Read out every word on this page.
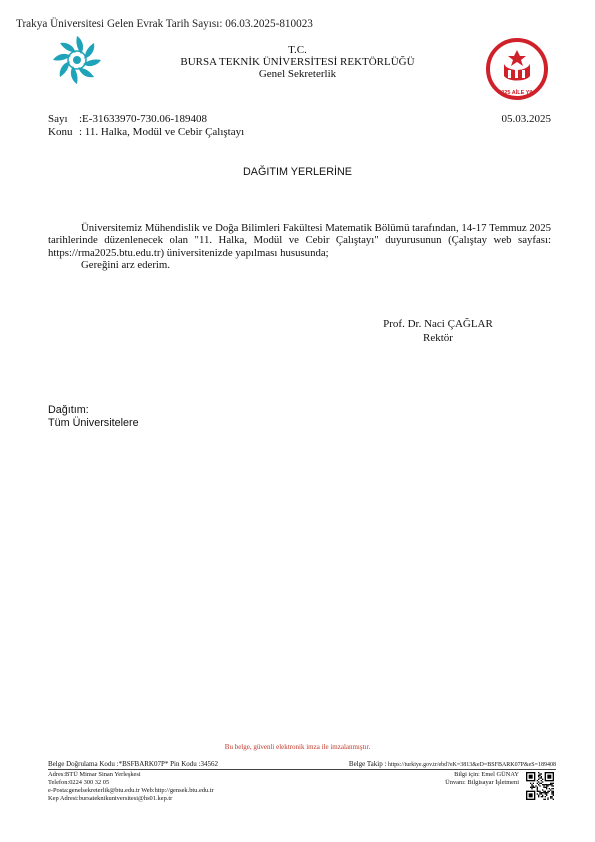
Trakya Üniversitesi Gelen Evrak Tarih Sayısı: 06.03.2025-810023
T.C.
BURSA TEKNİK ÜNİVERSİTESİ REKTÖRLÜĞÜ
Genel Sekreterlik
2025 AİLE YILI
Sayı :E-31633970-730.06-189408
Konu : 11. Halka, Modül ve Cebir Çalıştayı
05.03.2025
DAĞITIM YERLERİNE

Üniversitemiz Mühendislik ve Doğa Bilimleri Fakültesi Matematik Bölümü tarafından, 14-17 Temmuz 2025 tarihlerinde düzenlenecek olan "11. Halka, Modül ve Cebir Çalıştayı" duyurusunun (Çalıştay web sayfası: https://rma2025.btu.edu.tr) üniversitenizde yapılması hususunda;

Gereğini arz ederim.

Prof. Dr. Naci ÇAĞLAR
Rektör
Dağıtım:
Tüm Üniversitelere
Bu belge, güvenli elektronik imza ile imzalanmıştır.
Belge Doğrulama Kodu :*BSFBARK07P* Pin Kodu :34562	Belge Takip : https://turkiye.gov.tr/ebd?eK=3813&eD=BSFBARK07P&eS=189408
Adres:BTÜ Mimar Sinan Yerleşkesi
Telefon:0224 300 32 05
e-Posta:genelsekreterlik@btu.edu.tr Web:http://gensek.btu.edu.tr
Kep Adresi:bursateknikuniversitesi@hs01.kep.tr
Bilgi için: Emel GÜNAY
Ünvanı: Bilgisayar İşletmeni
